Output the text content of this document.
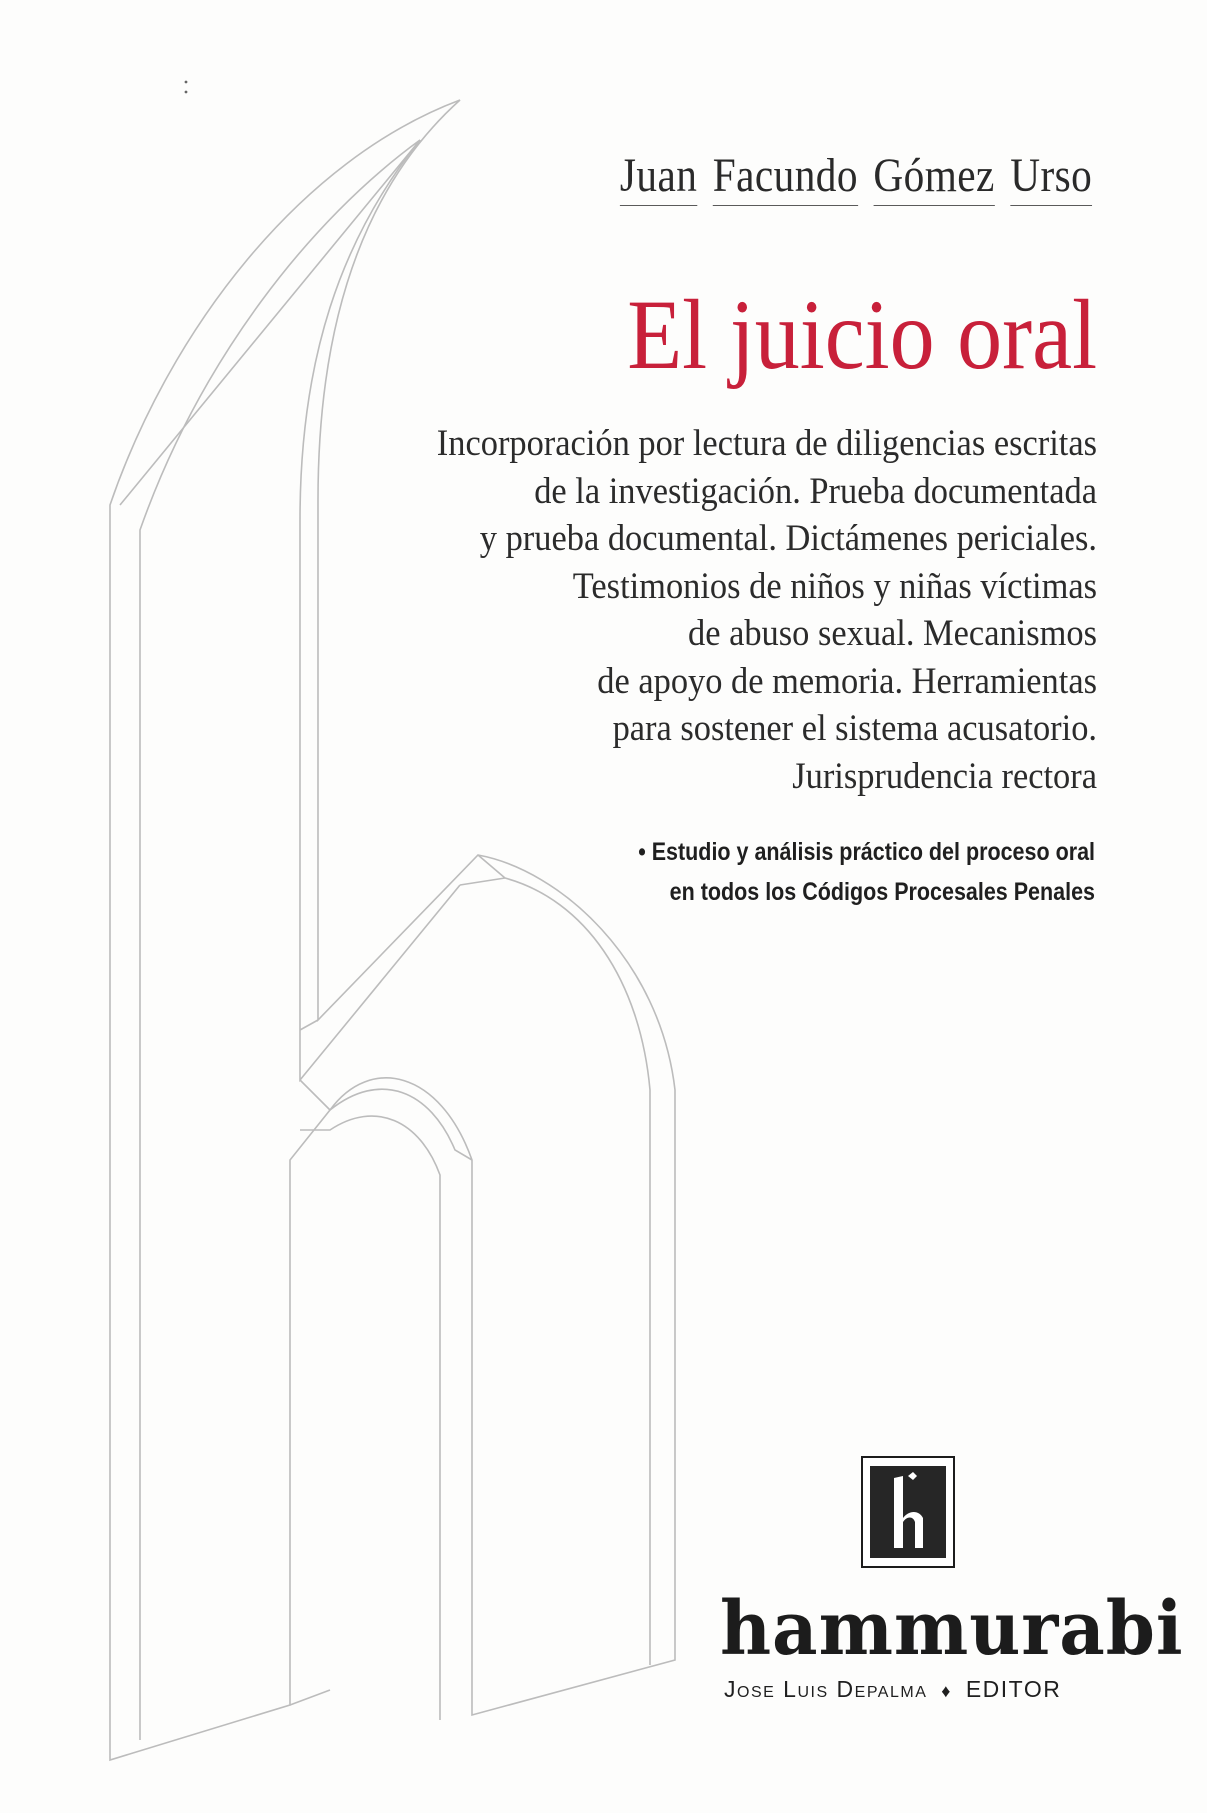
Juan Facundo Gómez Urso
El juicio oral
Incorporación por lectura de diligencias escritas
de la investigación. Prueba documentada
y prueba documental. Dictámenes periciales.
Testimonios de niños y niñas víctimas
de abuso sexual. Mecanismos
de apoyo de memoria. Herramientas
para sostener el sistema acusatorio.
Jurisprudencia rectora
• Estudio y análisis práctico del proceso oral
en todos los Códigos Procesales Penales
hammurabi
Jose Luis Depalma ♦ EDITOR
